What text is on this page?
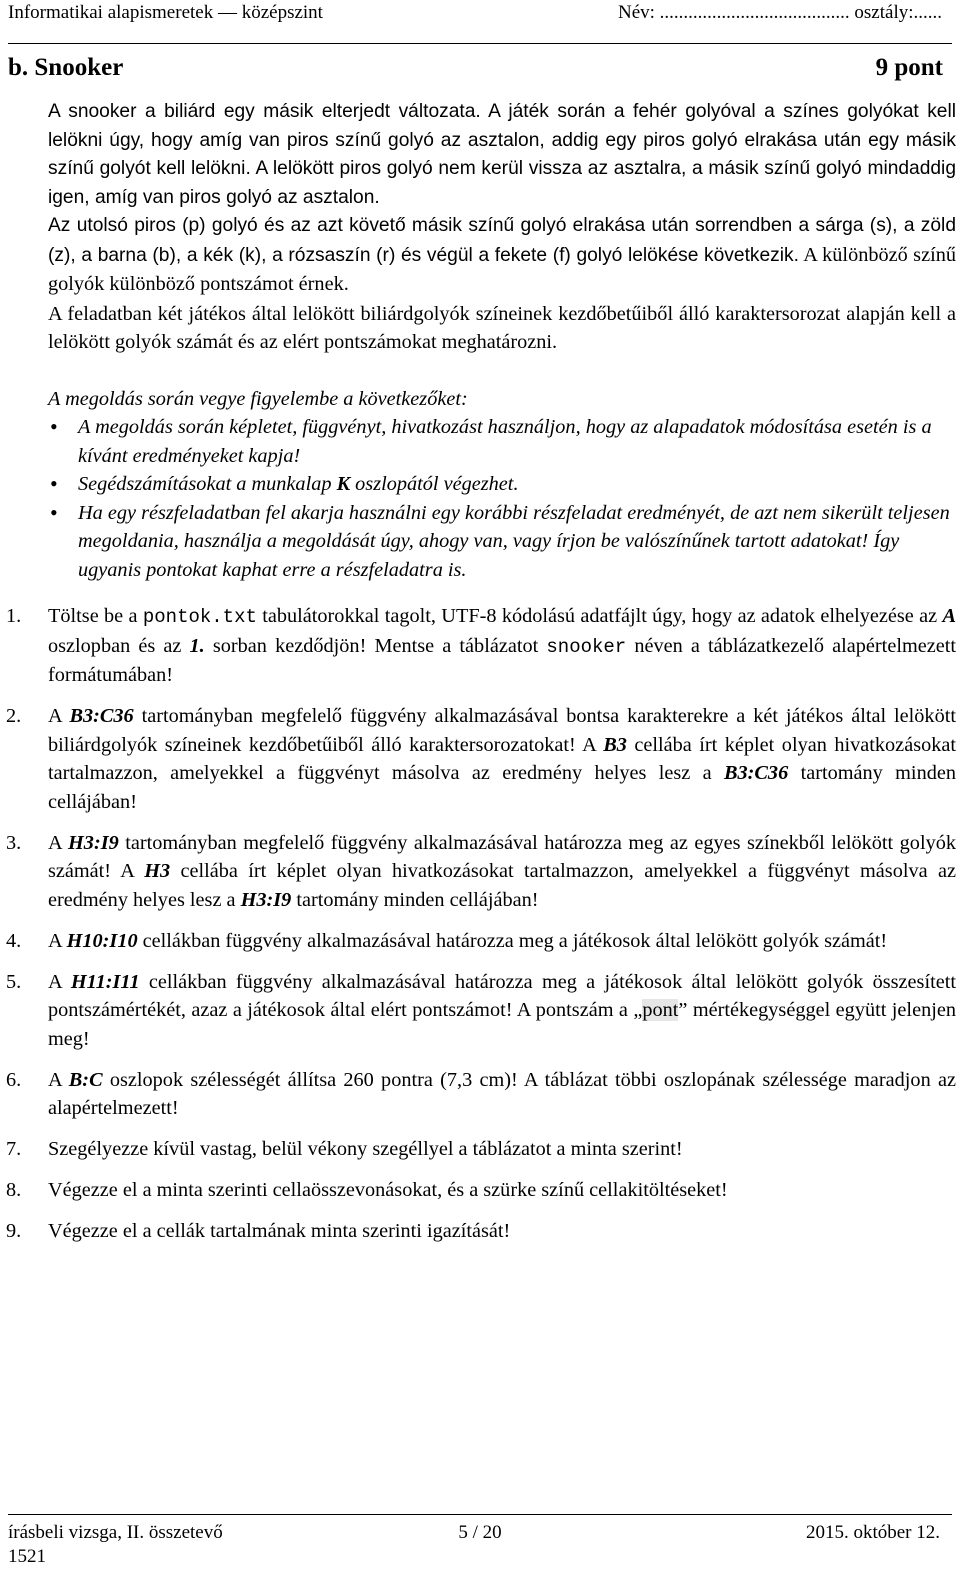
Informatikai alapismeretek — középszint	Név: ........................................ osztály:......
b. Snooker	9 pont

A snooker a biliárd egy másik elterjedt változata. A játék során a fehér golyóval a színes golyókat kell lelökni úgy, hogy amíg van piros színű golyó az asztalon, addig egy piros golyó elrakása után egy másik színű golyót kell lelökni. A lelökött piros golyó nem kerül vissza az asztalra, a másik színű golyó mindaddig igen, amíg van piros golyó az asztalon.

Az utolsó piros (p) golyó és az azt követő másik színű golyó elrakása után sorrendben a sárga (s), a zöld (z), a barna (b), a kék (k), a rózsaszín (r) és végül a fekete (f) golyó lelökése következik. A különböző színű golyók különböző pontszámot érnek.

A feladatban két játékos által lelökött biliárdgolyók színeinek kezdőbetűiből álló karaktersorozat alapján kell a lelökött golyók számát és az elért pontszámokat meghatározni.

A megoldás során vegye figyelembe a következőket:

• A megoldás során képletet, függvényt, hivatkozást használjon, hogy az alapadatok módosítása esetén is a kívánt eredményeket kapja!
• Segédszámításokat a munkalap K oszlopától végezhet.
• Ha egy részfeladatban fel akarja használni egy korábbi részfeladat eredményét, de azt nem sikerült teljesen megoldania, használja a megoldását úgy, ahogy van, vagy írjon be valószínűnek tartott adatokat! Így ugyanis pontokat kaphat erre a részfeladatra is.
1. Töltse be a pontok.txt tabulátorokkal tagolt, UTF-8 kódolású adatfájlt úgy, hogy az adatok elhelyezése az A oszlopban és az 1. sorban kezdődjön! Mentse a táblázatot snooker néven a táblázatkezelő alapértelmezett formátumában!
2. A B3:C36 tartományban megfelelő függvény alkalmazásával bontsa karakterekre a két játékos által lelökött biliárdgolyók színeinek kezdőbetűiből álló karaktersorozatokat! A B3 cellába írt képlet olyan hivatkozásokat tartalmazzon, amelyekkel a függvényt másolva az eredmény helyes lesz a B3:C36 tartomány minden cellájában!
3. A H3:I9 tartományban megfelelő függvény alkalmazásával határozza meg az egyes színekből lelökött golyók számát! A H3 cellába írt képlet olyan hivatkozásokat tartalmazzon, amelyekkel a függvényt másolva az eredmény helyes lesz a H3:I9 tartomány minden cellájában!
4. A H10:I10 cellákban függvény alkalmazásával határozza meg a játékosok által lelökött golyók számát!
5. A H11:I11 cellákban függvény alkalmazásával határozza meg a játékosok által lelökött golyók összesített pontszámértékét, azaz a játékosok által elért pontszámot! A pontszám a „pont” mértékegységgel együtt jelenjen meg!
6. A B:C oszlopok szélességét állítsa 260 pontra (7,3 cm)! A táblázat többi oszlopának szélessége maradjon az alapértelmezett!
7. Szegélyezze kívül vastag, belül vékony szegéllyel a táblázatot a minta szerint!
8. Végezze el a minta szerinti cellaösszevonásokat, és a szürke színű cellakitöltéseket!
9. Végezze el a cellák tartalmának minta szerinti igazítását!
írásbeli vizsga, II. összetevő
1521
5 / 20	2015. október 12.
